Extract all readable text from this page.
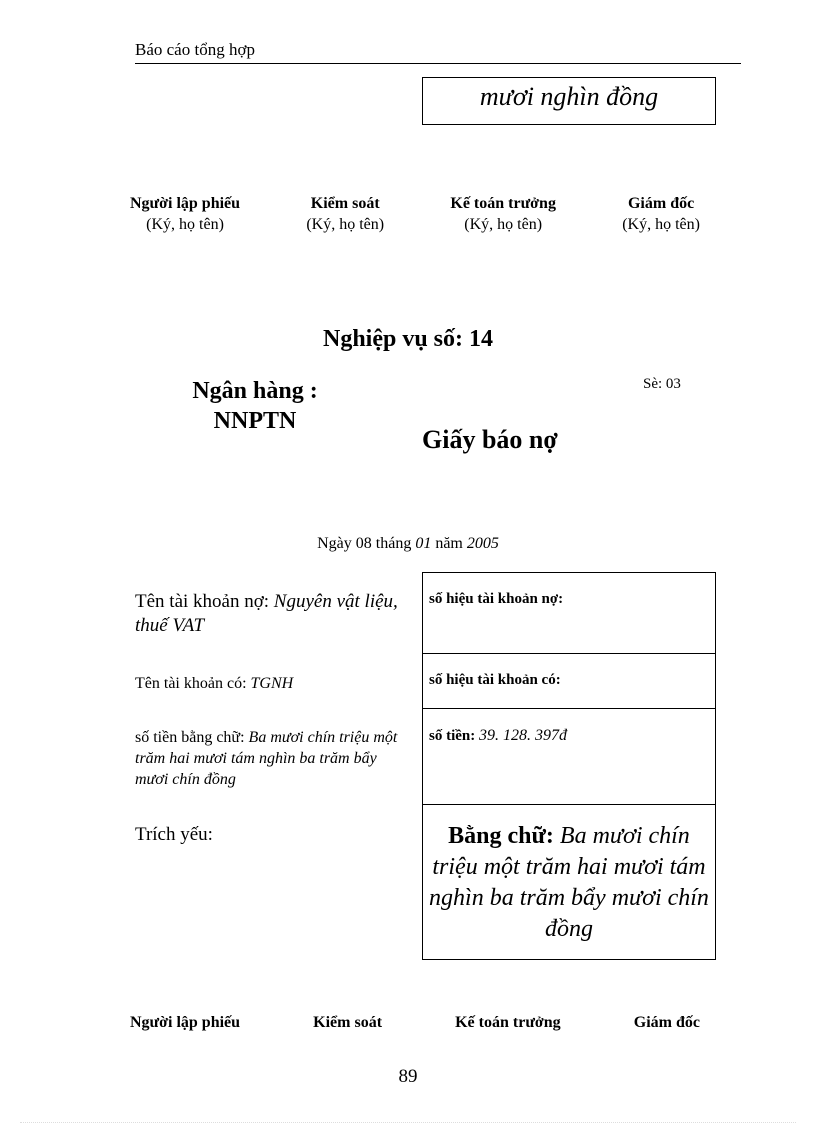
Báo cáo tổng hợp
mươi nghìn đồng
Người lập phiếu
(Ký, họ tên)
Kiểm soát
(Ký, họ tên)
Kế toán trưởng
(Ký, họ tên)
Giám đốc
(Ký, họ tên)
Nghiệp vụ số: 14
Ngân hàng :
NNPTN
Sè: 03
Giấy báo nợ
Ngày 08 tháng 01 năm 2005
Tên tài khoản nợ: Nguyên vật liệu, thuế VAT
Tên tài khoản có: TGNH
số tiền bằng chữ: Ba mươi chín triệu một trăm hai mươi tám nghìn ba trăm bẩy mươi chín đồng
Trích yếu:
số hiệu tài khoản nợ:
số hiệu tài khoản có:
số tiền: 39. 128. 397đ
Bằng chữ: Ba mươi chín triệu một trăm hai mươi tám nghìn ba trăm bẩy mươi chín đồng
Người lập phiếu	Kiểm soát	Kế toán trưởng	Giám đốc
89
